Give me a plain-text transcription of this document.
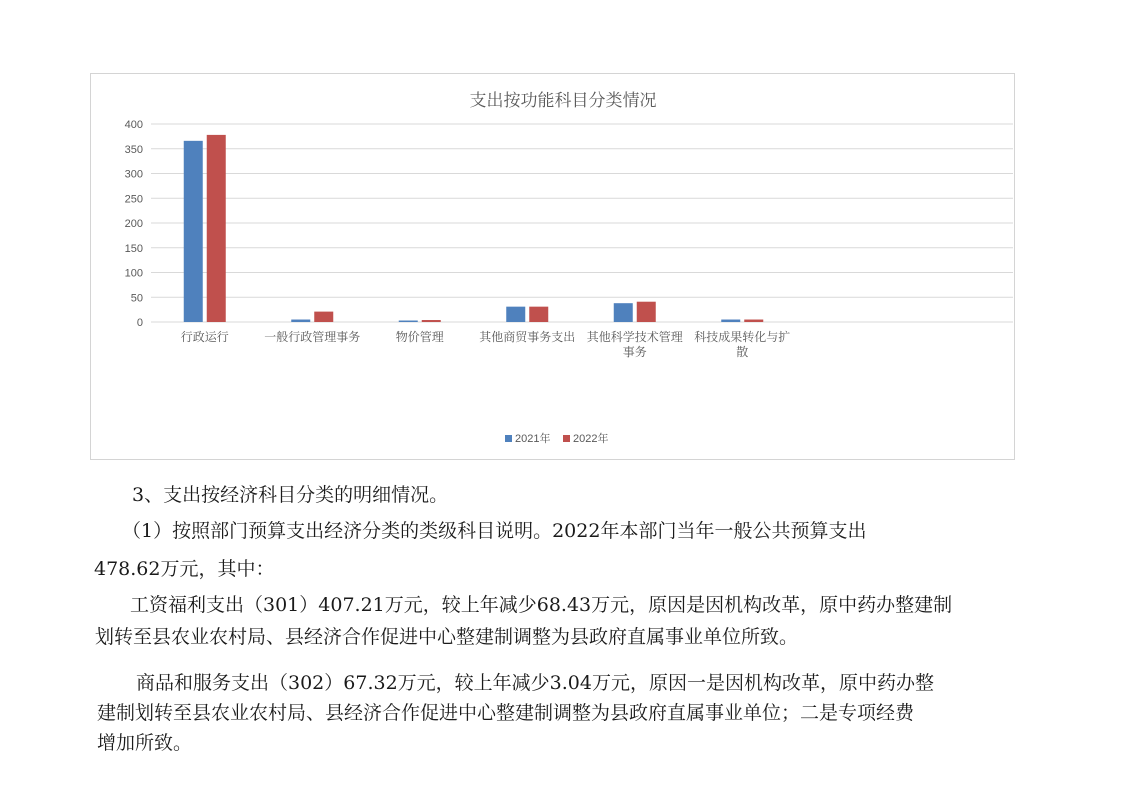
支出按功能科目分类情况
0
50
100
150
200
250
300
350
400
行政运行	一般行政管理事务	物价管理	其他商贸事务支出 其他科学技术管理
事务
科技成果转化与扩
散
2021年 2022年

3、支出按经济科目分类的明细情况。

（1）按照部门预算支出经济分类的类级科目说明。2022年本部门当年一般公共预算支出

478.62万元，其中：

工资福利支出（301）407.21万元，较上年减少68.43万元，原因是因机构改革，原中药办整建制

划转至县农业农村局、县经济合作促进中心整建制调整为县政府直属事业单位所致。

商品和服务支出（302）67.32万元，较上年减少3.04万元，原因一是因机构改革，原中药办整

建制划转至县农业农村局、县经济合作促进中心整建制调整为县政府直属事业单位；二是专项经费

增加所致。
